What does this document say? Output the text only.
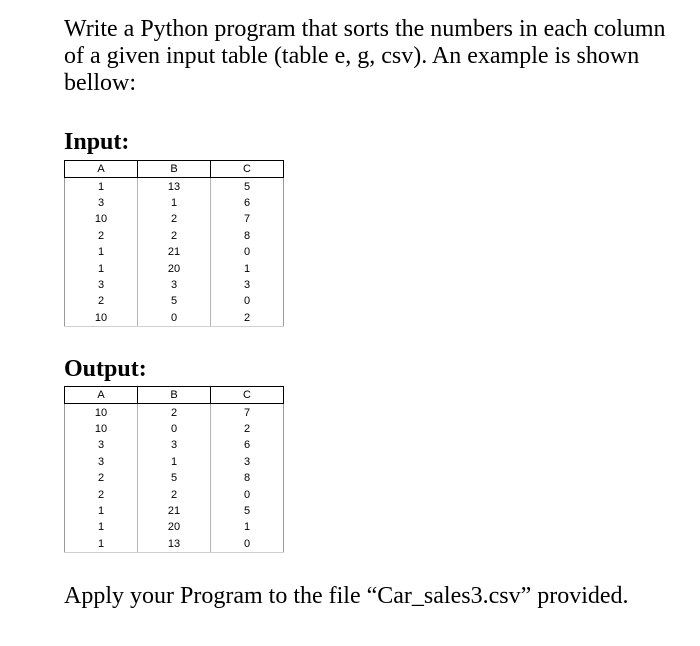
Write a Python program that sorts the numbers in each column of a given input table (table e, g, csv). An example is shown bellow:

Input:

A	B	C
1	13	5
3	1	6
10	2	7
2	2	8
1	21	0
1	20	1
3	3	3
2	5	0
10	0	2

Output:

A	B	C
10	2	7
10	0	2
3	3	6
3	1	3
2	5	8
2	2	0
1	21	5
1	20	1
1	13	0

Apply your Program to the file “Car_sales3.csv” provided.
